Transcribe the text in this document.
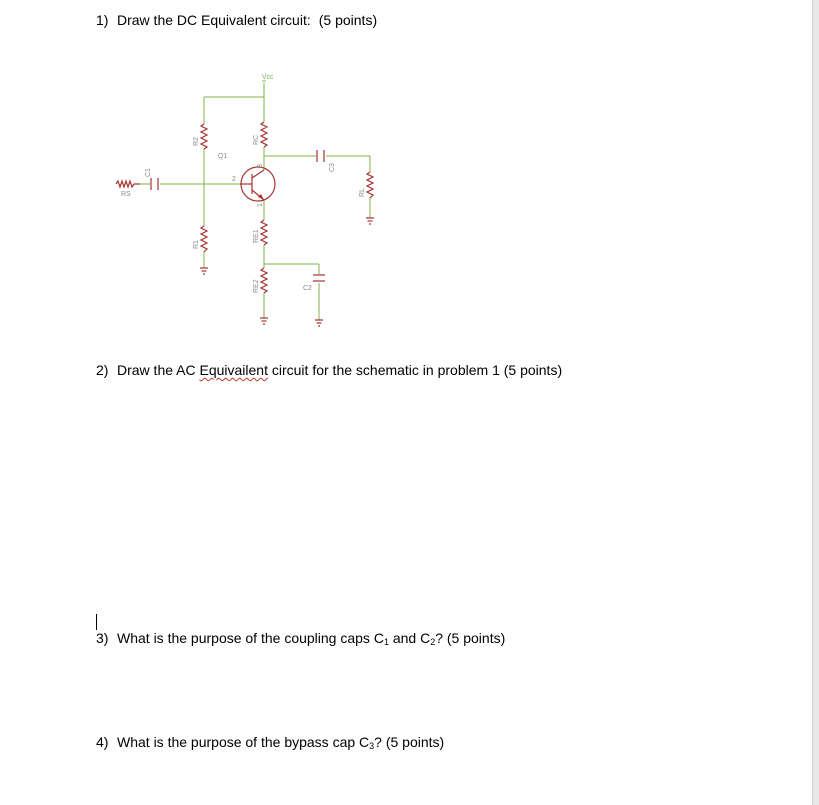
1) Draw the DC Equivalent circuit: (5 points)
Vcc
RS
C1
R2
R1
Q1
RC
RE1
RE2	C2
C3
RL
2
3
1
2) Draw the AC Equivailent circuit for the schematic in problem 1 (5 points)
3) What is the purpose of the coupling caps $C_1$ and $C_2$? (5 points)
4) What is the purpose of the bypass cap $C_3$? (5 points)
